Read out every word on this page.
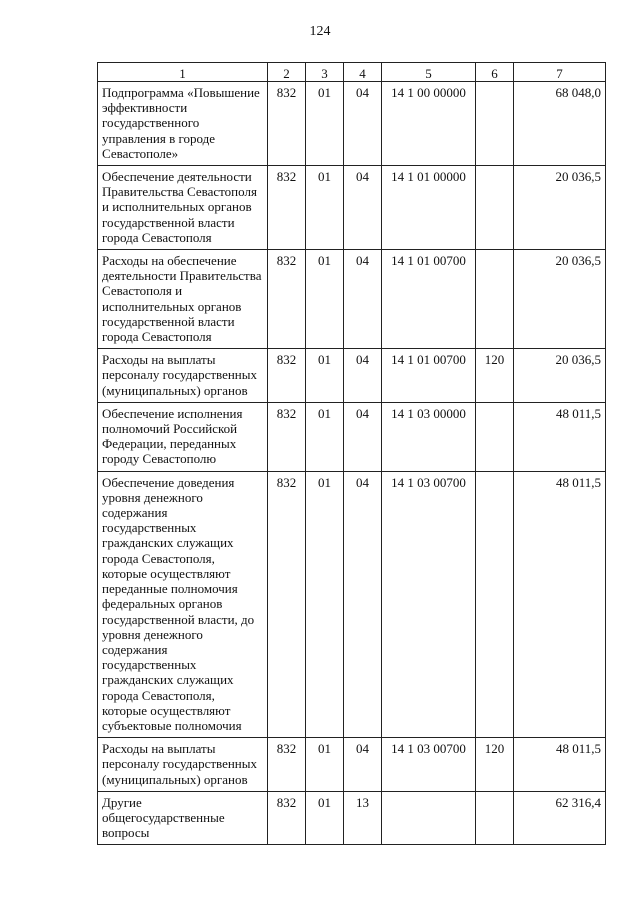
124
1	2	3	4	5	6	7
Подпрограмма «Повышение эффективности государственного управления в городе Севастополе»	832	01	04	14 1 00 00000		68 048,0
Обеспечение деятельности Правительства Севастополя и исполнительных органов государственной власти города Севастополя	832	01	04	14 1 01 00000		20 036,5
Расходы на обеспечение деятельности Правительства Севастополя и исполнительных органов государственной власти города Севастополя	832	01	04	14 1 01 00700		20 036,5
Расходы на выплаты персоналу государственных (муниципальных) органов	832	01	04	14 1 01 00700	120	20 036,5
Обеспечение исполнения полномочий Российской Федерации, переданных городу Севастополю	832	01	04	14 1 03 00000		48 011,5
Обеспечение доведения уровня денежного содержания государственных гражданских служащих города Севастополя, которые осуществляют переданные полномочия федеральных органов государственной власти, до уровня денежного содержания государственных гражданских служащих города Севастополя, которые осуществляют субъектовые полномочия	832	01	04	14 1 03 00700		48 011,5
Расходы на выплаты персоналу государственных (муниципальных) органов	832	01	04	14 1 03 00700	120	48 011,5
Другие общегосударственные вопросы	832	01	13			62 316,4
